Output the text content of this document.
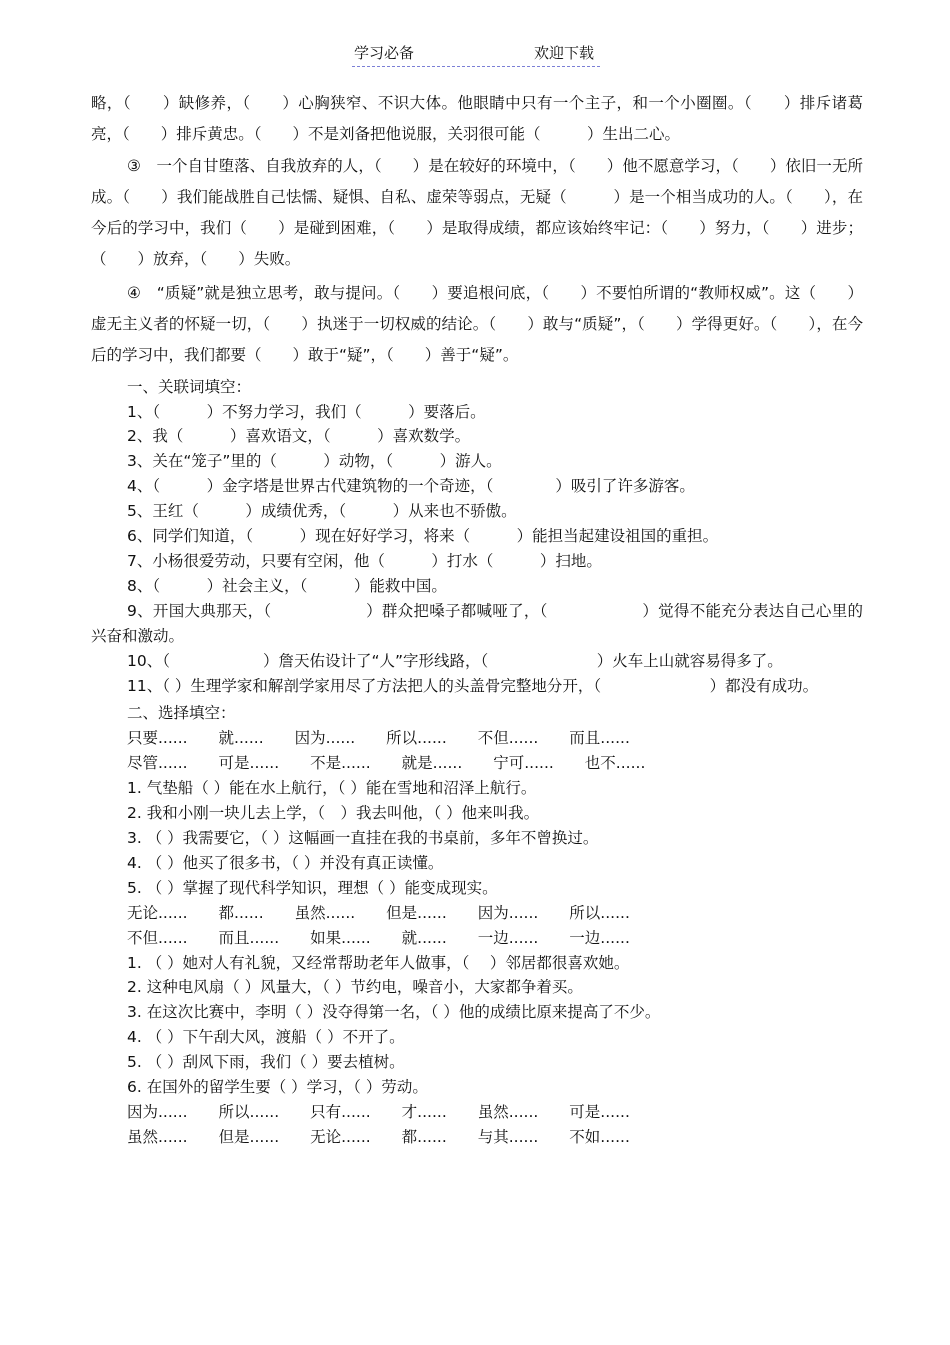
学习必备	欢迎下载

略，（　　）缺修养，（　　）心胸狭窄、不识大体。他眼睛中只有一个主子，和一个小圈圈。（　　）排斥诸葛亮，（　　）排斥黄忠。（　　）不是刘备把他说服，关羽很可能（　　　）生出二心。

③　一个自甘堕落、自我放弃的人，（　　）是在较好的环境中，（　　）他不愿意学习，（　　）依旧一无所成。（　　）我们能战胜自己怯懦、疑惧、自私、虚荣等弱点，无疑（　　　）是一个相当成功的人。（　　），在今后的学习中，我们（　　）是碰到困难，（　　）是取得成绩，都应该始终牢记：（　　）努力，（　　）进步；（　　）放弃，（　　）失败。

④　“质疑”就是独立思考，敢与提问。（　　）要追根问底，（　　）不要怕所谓的“教师权威”。这（　　）虚无主义者的怀疑一切，（　　）执迷于一切权威的结论。（　　）敢与“质疑”，（　　）学得更好。（　　），在今后的学习中，我们都要（　　）敢于“疑”，（　　）善于“疑”。

一、关联词填空：

1、（　　　）不努力学习，我们（　　　）要落后。

2、我（　　　）喜欢语文，（　　　）喜欢数学。

3、关在“笼子”里的（　　　）动物，（　　　）游人。

4、（　　　）金字塔是世界古代建筑物的一个奇迹，（　　　　）吸引了许多游客。

5、王红（　　　）成绩优秀，（　　　）从来也不骄傲。

6、同学们知道，（　　　）现在好好学习，将来（　　　）能担当起建设祖国的重担。

7、小杨很爱劳动，只要有空闲，他（　　　）打水（　　　）扫地。

8、（　　　）社会主义，（　　　）能救中国。

9、开国大典那天，（　　　　　　）群众把嗓子都喊哑了，（　　　　　　）觉得不能充分表达自己心里的兴奋和激动。

10、（　　　　　　）詹天佑设计了“人”字形线路，（　　　　　　　）火车上山就容易得多了。

11、（ ）生理学家和解剖学家用尽了方法把人的头盖骨完整地分开，（　　　　　　　）都没有成功。

二、选择填空：

只要......　　就......　　因为......　　所以......　　不但......　　而且......

尽管......　　可是......　　不是......　　就是......　　宁可......　　也不......

1. 气垫船（ ）能在水上航行，（ ）能在雪地和沼泽上航行。

2. 我和小刚一块儿去上学，（　）我去叫他，（ ）他来叫我。

3. （ ）我需要它，（ ）这幅画一直挂在我的书桌前，多年不曾换过。

4. （ ）他买了很多书，（ ）并没有真正读懂。

5. （ ）掌握了现代科学知识，理想（ ）能变成现实。

无论......　　都......　　虽然......　　但是......　　因为......　　所以......

不但......　　而且......　　如果......　　就......　　一边......　　一边......

1. （ ）她对人有礼貌，又经常帮助老年人做事，（　 ）邻居都很喜欢她。

2. 这种电风扇（ ）风量大，（ ）节约电，噪音小，大家都争着买。

3. 在这次比赛中，李明（ ）没夺得第一名，（ ）他的成绩比原来提高了不少。

4. （ ）下午刮大风，渡船（ ）不开了。

5. （ ）刮风下雨，我们（ ）要去植树。

6. 在国外的留学生要（ ）学习，（ ）劳动。

因为......　　所以......　　只有......　　才......　　虽然......　　可是......

虽然......　　但是......　　无论......　　都......　　与其......　　不如......
